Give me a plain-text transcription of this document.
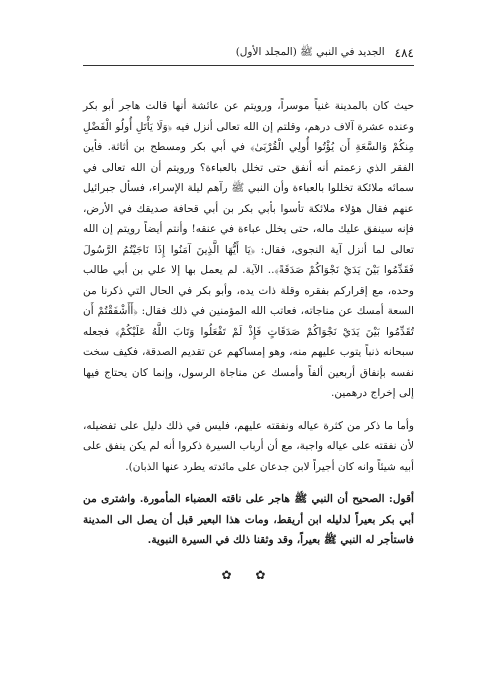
٤٨٤
الجديد في النبي ﷺ (المجلد الأول)

حيث كان بالمدينة غنياً موسراً، ورويتم عن عائشة أنها قالت هاجر أبو بكر وعنده عشرة آلاف درهم، وقلتم إن الله تعالى أنزل فيه ﴿وَلَا يَأْتَلِ أُولُو الْفَضْلِ مِنكُمْ وَالسَّعَةِ أَن يُؤْتُوا أُولِي الْقُرْبَىٰ﴾ في أبي بكر ومسطح بن أثاثة. فأين الفقر الذي زعمتم أنه أنفق حتى تخلل بالعباءة؟ ورويتم أن الله تعالى في سمائه ملائكة تخللوا بالعباءة وأن النبي ﷺ رآهم ليلة الإسراء، فسأل جبرائيل عنهم فقال هؤلاء ملائكة تأسوا بأبي بكر بن أبي قحافة صديقك في الأرض، فإنه سينفق عليك ماله، حتى يخلل عباءة في عنقه! وأنتم أيضاً رويتم إن الله تعالى لما أنزل آية النجوى، فقال: ﴿يَا أَيُّهَا الَّذِينَ آمَنُوا إِذَا نَاجَيْتُمُ الرَّسُولَ فَقَدِّمُوا بَيْنَ يَدَيْ نَجْوَاكُمْ صَدَقَةً﴾.. الآية. لم يعمل بها إلا علي بن أبي طالب وحده، مع إقراركم بفقره وقلة ذات يده، وأبو بكر في الحال التي ذكرنا من السعة أمسك عن مناجاته، فعاتب الله المؤمنين في ذلك فقال: ﴿أَأَشْفَقْتُمْ أَن تُقَدِّمُوا بَيْنَ يَدَيْ نَجْوَاكُمْ صَدَقَاتٍ فَإِذْ لَمْ تَفْعَلُوا وَتَابَ اللَّهُ عَلَيْكُمْ﴾ فجعله سبحانه ذنباً يتوب عليهم منه، وهو إمساكهم عن تقديم الصدقة، فكيف سخت نفسه بإنفاق أربعين ألفاً وأمسك عن مناجاة الرسول، وإنما كان يحتاج فيها إلى إخراج درهمين.

وأما ما ذكر من كثرة عياله ونفقته عليهم، فليس في ذلك دليل على تفضيله، لأن نفقته على عياله واجبة، مع أن أرباب السيرة ذكروا أنه لم يكن ينفق على أبيه شيئاً وانه كان أجيراً لابن جدعان على مائدته يطرد عنها الذبان).

أقول: الصحيح أن النبي ﷺ هاجر على ناقته العضباء المأمورة. واشترى من أبي بكر بعيراً لدليله ابن أريقط، ومات هذا البعير قبل أن يصل الى المدينة فاستأجر له النبي ﷺ بعيراً، وقد وثقنا ذلك في السيرة النبوية.

✿ ✿
